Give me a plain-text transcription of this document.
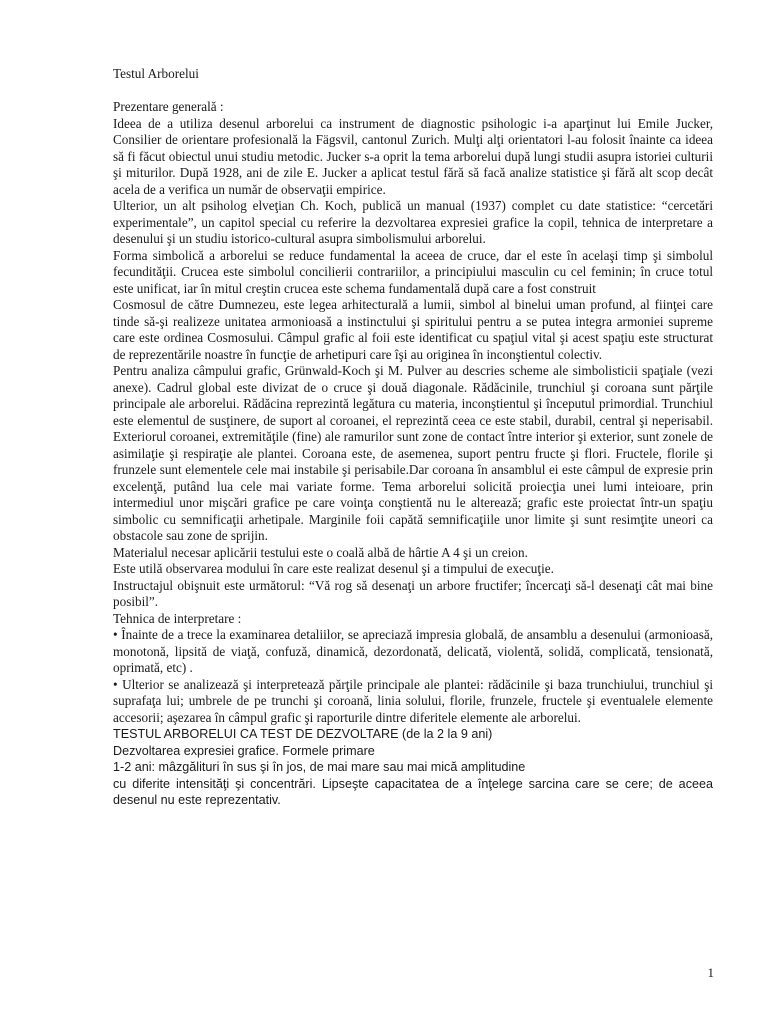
Testul Arborelui

Prezentare generală :

Ideea de a utiliza desenul arborelui ca instrument de diagnostic psihologic i-a aparţinut lui Emile Jucker, Consilier de orientare profesională la Fägsvil, cantonul Zurich. Mulţi alţi orientatori l-au folosit înainte ca ideea să fi făcut obiectul unui studiu metodic. Jucker s-a oprit la tema arborelui după lungi studii asupra istoriei culturii şi miturilor. După 1928, ani de zile E. Jucker a aplicat testul fără să facă analize statistice şi fără alt scop decât acela de a verifica un număr de observaţii empirice.

Ulterior, un alt psiholog elveţian Ch. Koch, publică un manual (1937) complet cu date statistice: “cercetări experimentale”, un capitol special cu referire la dezvoltarea expresiei grafice la copil, tehnica de interpretare a desenului şi un studiu istorico-cultural asupra simbolismului arborelui.

Forma simbolică a arborelui se reduce fundamental la aceea de cruce, dar el este în acelaşi timp şi simbolul fecundităţii. Crucea este simbolul concilierii contrariilor, a principiului masculin cu cel feminin; în cruce totul este unificat, iar în mitul creştin crucea este schema fundamentală după care a fost construit

Cosmosul de către Dumnezeu, este legea arhitecturală a lumii, simbol al binelui uman profund, al fiinţei care tinde să-şi realizeze unitatea armonioasă a instinctului şi spiritului pentru a se putea integra armoniei supreme care este ordinea Cosmosului. Câmpul grafic al foii este identificat cu spaţiul vital şi acest spaţiu este structurat de reprezentările noastre în funcţie de arhetipuri care îşi au originea în inconştientul colectiv.

Pentru analiza câmpului grafic, Grünwald-Koch şi M. Pulver au descries scheme ale simbolisticii spaţiale (vezi anexe). Cadrul global este divizat de o cruce şi două diagonale. Rădăcinile, trunchiul şi coroana sunt părţile principale ale arborelui. Rădăcina reprezintă legătura cu materia, inconştientul şi începutul primordial. Trunchiul este elementul de susţinere, de suport al coroanei, el reprezintă ceea ce este stabil, durabil, central şi neperisabil. Exteriorul coroanei, extremităţile (fine) ale ramurilor sunt zone de contact între interior şi exterior, sunt zonele de asimilaţie şi respiraţie ale plantei. Coroana este, de asemenea, suport pentru fructe şi flori. Fructele, florile şi frunzele sunt elementele cele mai instabile şi perisabile.Dar coroana în ansamblul ei este câmpul de expresie prin excelenţă, putând lua cele mai variate forme. Tema arborelui solicită proiecţia unei lumi inteioare, prin intermediul unor mişcări grafice pe care voinţa conştientă nu le alterează; grafic este proiectat într-un spaţiu simbolic cu semnificaţii arhetipale. Marginile foii capătă semnificaţiile unor limite şi sunt resimţite uneori ca obstacole sau zone de sprijin.

Materialul necesar aplicării testului este o coală albă de hârtie A 4 şi un creion.

Este utilă observarea modului în care este realizat desenul şi a timpului de execuţie.

Instructajul obişnuit este următorul: “Vă rog să desenaţi un arbore fructifer; încercaţi să-l desenaţi cât mai bine posibil”.

Tehnica de interpretare :

• Înainte de a trece la examinarea detaliilor, se apreciază impresia globală, de ansamblu a desenului (armonioasă, monotonă, lipsită de viaţă, confuză, dinamică, dezordonată, delicată, violentă, solidă, complicată, tensionată, oprimată, etc) .

• Ulterior se analizează şi interpretează părţile principale ale plantei: rădăcinile şi baza trunchiului, trunchiul şi suprafaţa lui; umbrele de pe trunchi şi coroană, linia solului, florile, frunzele, fructele şi eventualele elemente accesorii; aşezarea în câmpul grafic şi raporturile dintre diferitele elemente ale arborelui.

TESTUL ARBORELUI CA TEST DE DEZVOLTARE (de la 2 la 9 ani)

Dezvoltarea expresiei grafice. Formele primare

1-2 ani: mâzgălituri în sus şi în jos, de mai mare sau mai mică amplitudine

cu diferite intensităţi şi concentrări. Lipseşte capacitatea de a înţelege sarcina care se cere; de aceea desenul nu este reprezentativ.

1
